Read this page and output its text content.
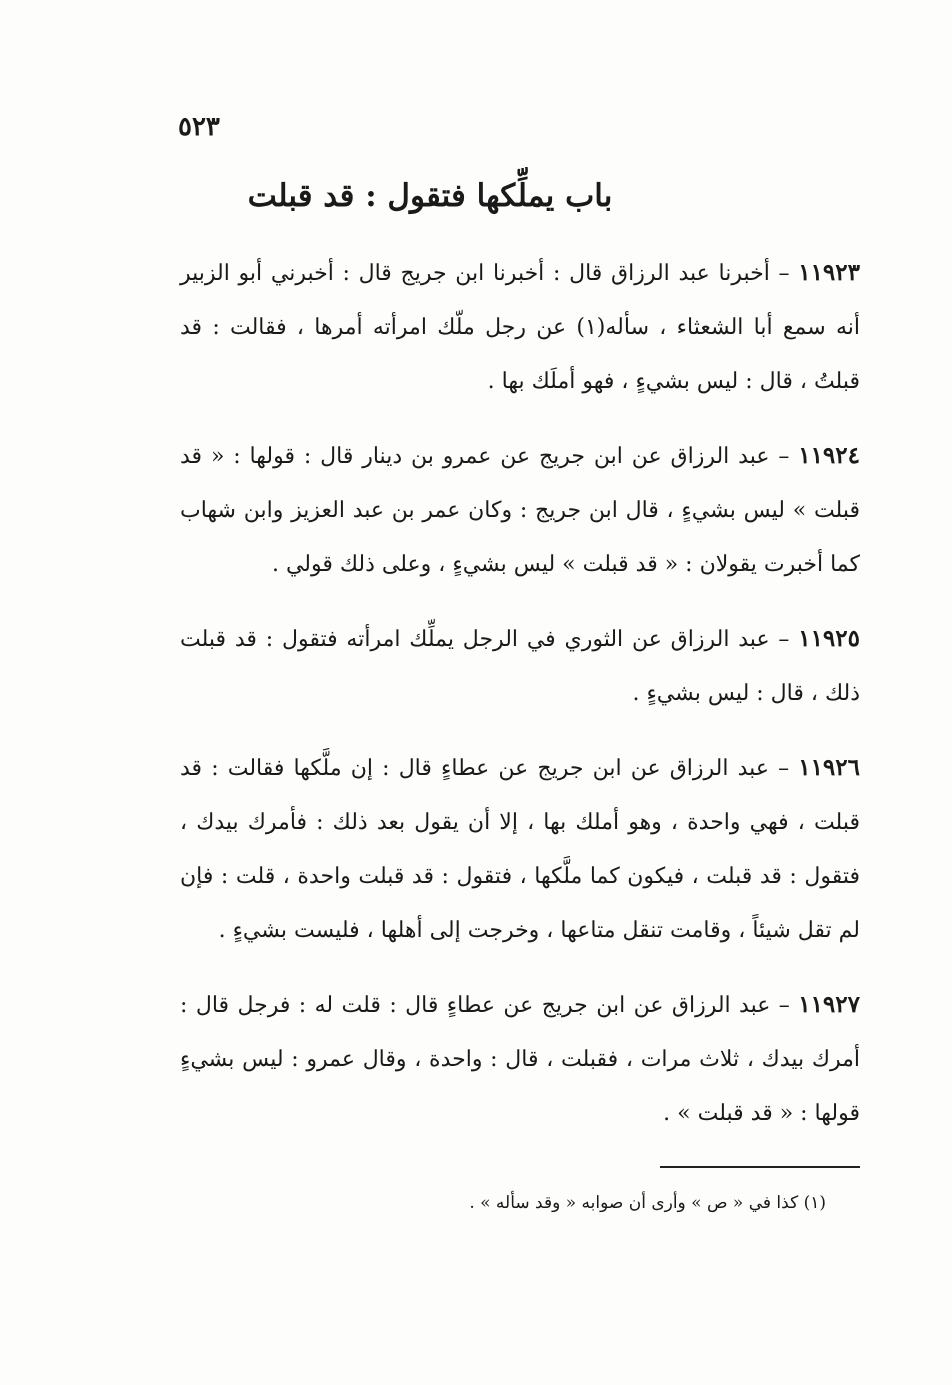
٥٢٣
باب يملِّكها فتقول : قد قبلت

١١٩٢٣ – أخبرنا عبد الرزاق قال : أخبرنا ابن جريج قال : أخبرني أبو الزبير أنه سمع أبا الشعثاء ، سأله(١) عن رجل ملّك امرأته أمرها ، فقالت : قد قبلتُ ، قال : ليس بشيءٍ ، فهو أملَك بها .

١١٩٢٤ – عبد الرزاق عن ابن جريج عن عمرو بن دينار قال : قولها : « قد قبلت » ليس بشيءٍ ، قال ابن جريج : وكان عمر بن عبد العزيز وابن شهاب كما أخبرت يقولان : « قد قبلت » ليس بشيءٍ ، وعلى ذلك قولي .

١١٩٢٥ – عبد الرزاق عن الثوري في الرجل يملِّك امرأته فتقول : قد قبلت ذلك ، قال : ليس بشيءٍ .

١١٩٢٦ – عبد الرزاق عن ابن جريج عن عطاءٍ قال : إن ملَّكها فقالت : قد قبلت ، فهي واحدة ، وهو أملك بها ، إلا أن يقول بعد ذلك : فأمرك بيدك ، فتقول : قد قبلت ، فيكون كما ملَّكها ، فتقول : قد قبلت واحدة ، قلت : فإن لم تقل شيئاً ، وقامت تنقل متاعها ، وخرجت إلى أهلها ، فليست بشيءٍ .

١١٩٢٧ – عبد الرزاق عن ابن جريج عن عطاءٍ قال : قلت له : فرجل قال : أمرك بيدك ، ثلاث مرات ، فقبلت ، قال : واحدة ، وقال عمرو : ليس بشيءٍ قولها : « قد قبلت » .

(١) كذا في « ص » وأرى أن صوابه « وقد سأله » .
